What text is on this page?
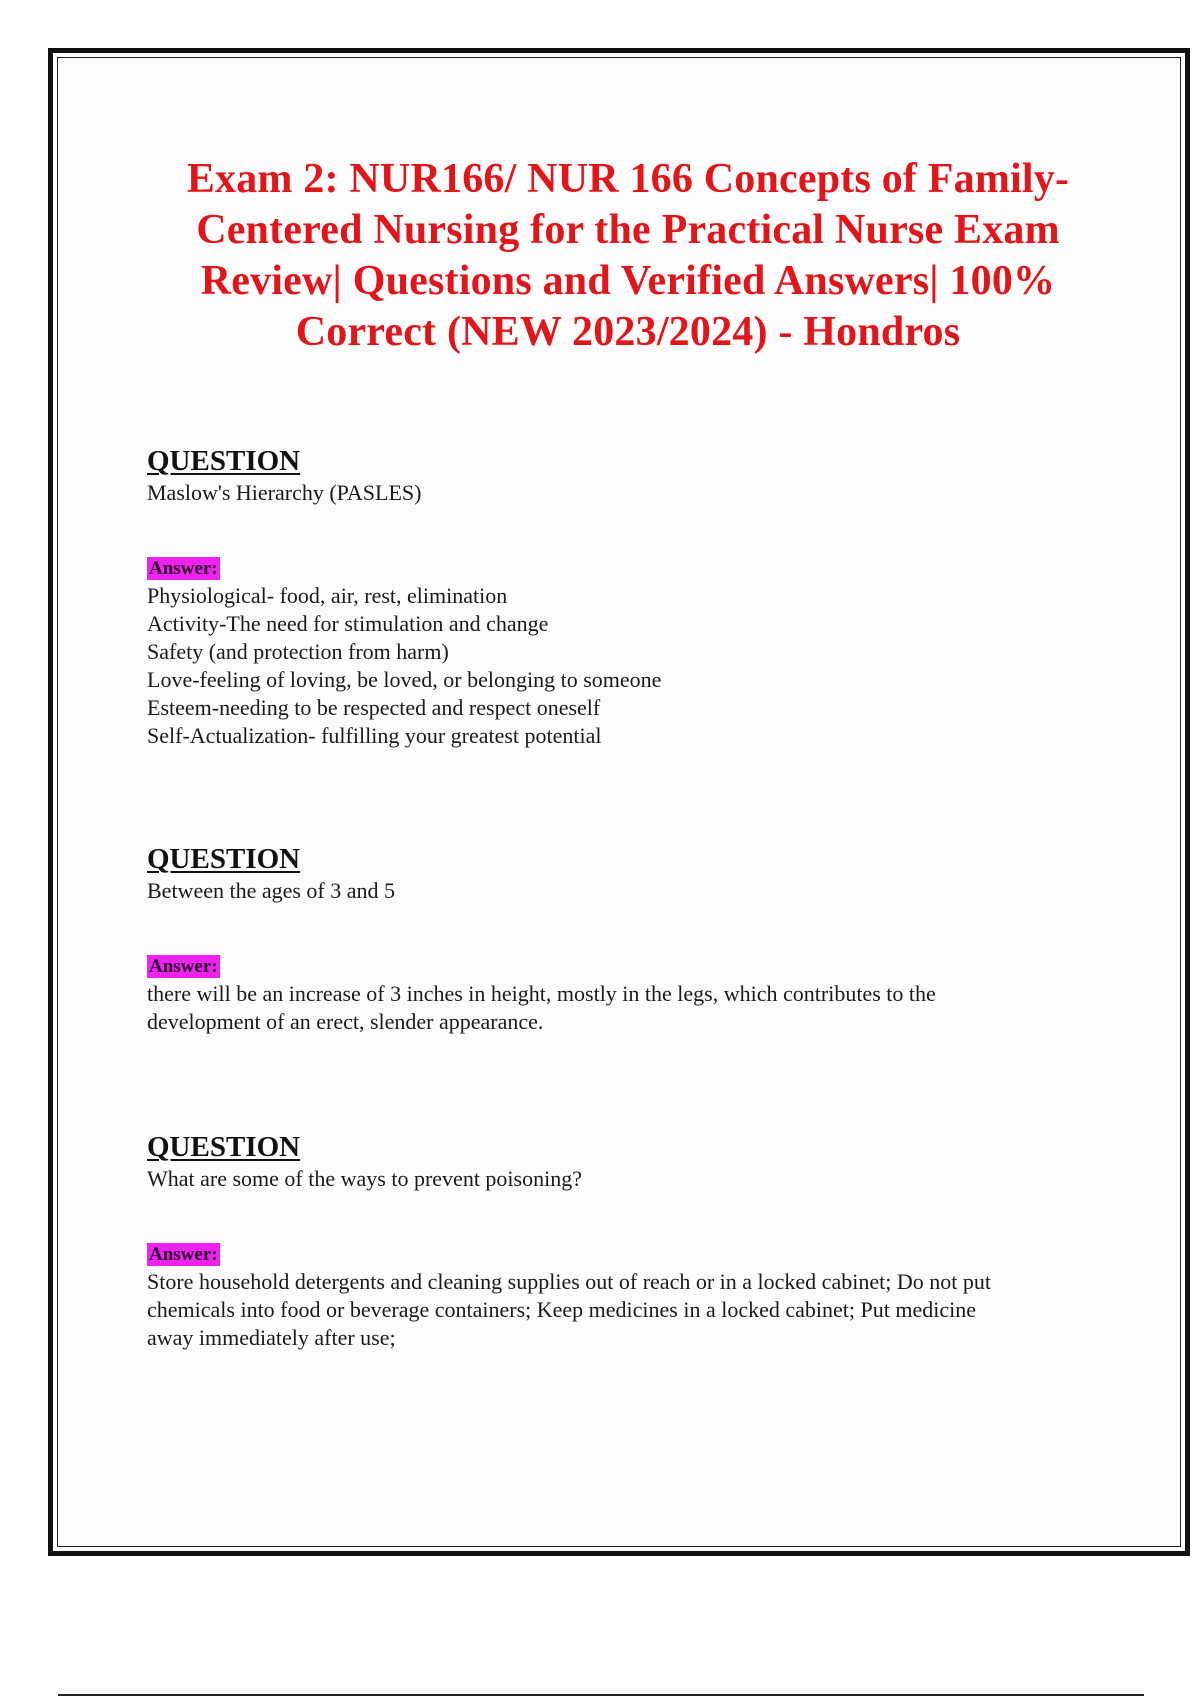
Exam 2: NUR166/ NUR 166 Concepts of Family-Centered Nursing for the Practical Nurse Exam Review| Questions and Verified Answers| 100% Correct (NEW 2023/2024) - Hondros
QUESTION
Maslow's Hierarchy (PASLES)
Answer:
Physiological- food, air, rest, elimination
Activity-The need for stimulation and change
Safety (and protection from harm)
Love-feeling of loving, be loved, or belonging to someone
Esteem-needing to be respected and respect oneself
Self-Actualization- fulfilling your greatest potential
QUESTION
Between the ages of 3 and 5
Answer:
there will be an increase of 3 inches in height, mostly in the legs, which contributes to the
development of an erect, slender appearance.
QUESTION
What are some of the ways to prevent poisoning?
Answer:
Store household detergents and cleaning supplies out of reach or in a locked cabinet; Do not put
chemicals into food or beverage containers; Keep medicines in a locked cabinet; Put medicine
away immediately after use;
